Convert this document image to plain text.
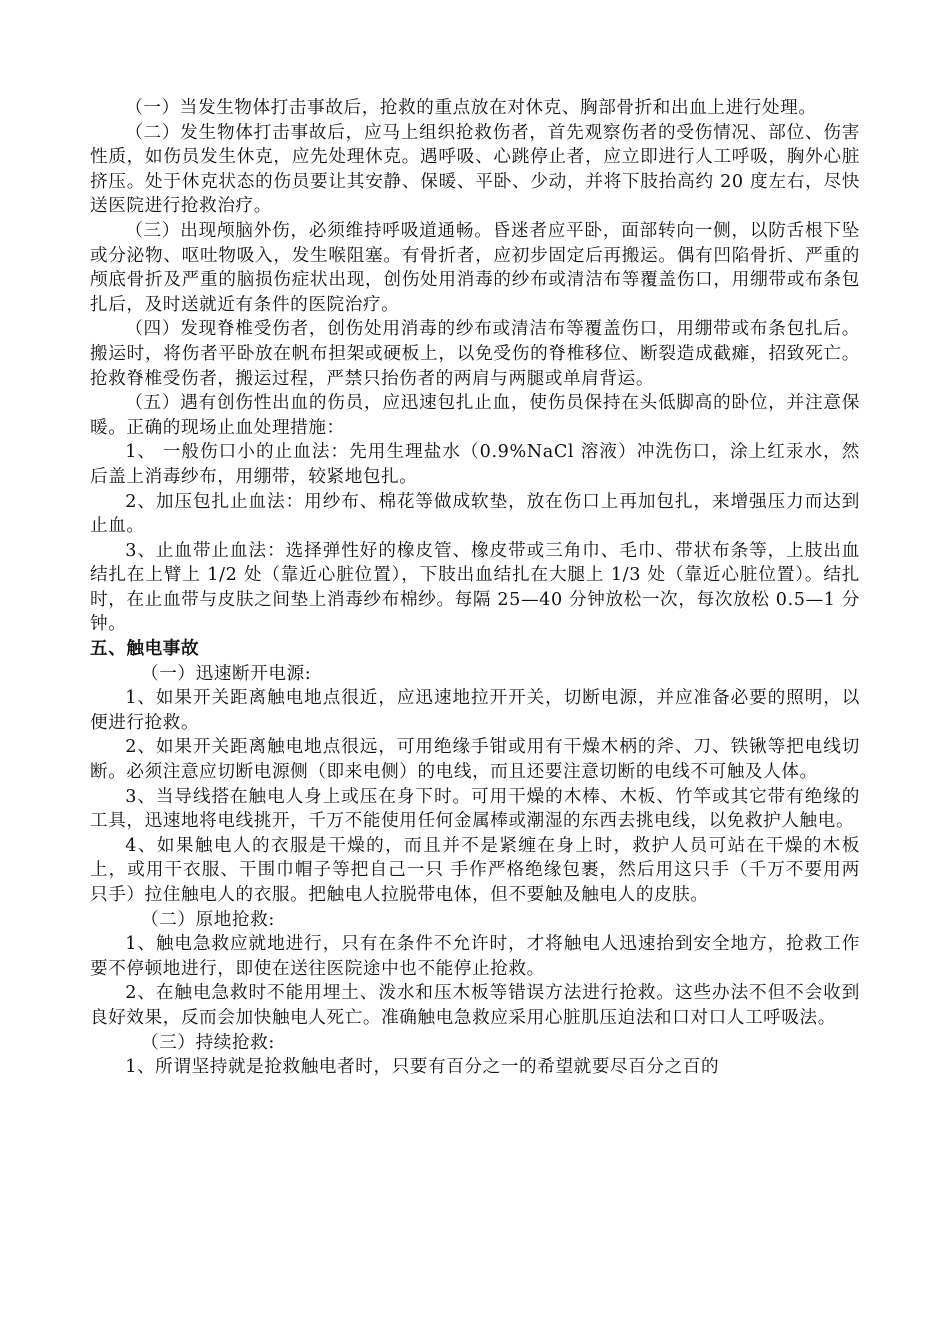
（一）当发生物体打击事故后，抢救的重点放在对休克、胸部骨折和出血上进行处理。

（二）发生物体打击事故后，应马上组织抢救伤者，首先观察伤者的受伤情况、部位、伤害性质，如伤员发生休克，应先处理休克。遇呼吸、心跳停止者，应立即进行人工呼吸，胸外心脏挤压。处于休克状态的伤员要让其安静、保暖、平卧、少动，并将下肢抬高约 20 度左右，尽快送医院进行抢救治疗。

（三）出现颅脑外伤，必须维持呼吸道通畅。昏迷者应平卧，面部转向一侧，以防舌根下坠或分泌物、呕吐物吸入，发生喉阻塞。有骨折者，应初步固定后再搬运。偶有凹陷骨折、严重的颅底骨折及严重的脑损伤症状出现，创伤处用消毒的纱布或清洁布等覆盖伤口，用绷带或布条包扎后，及时送就近有条件的医院治疗。

（四）发现脊椎受伤者，创伤处用消毒的纱布或清洁布等覆盖伤口，用绷带或布条包扎后。搬运时，将伤者平卧放在帆布担架或硬板上，以免受伤的脊椎移位、断裂造成截瘫，招致死亡。抢救脊椎受伤者，搬运过程，严禁只抬伤者的两肩与两腿或单肩背运。

（五）遇有创伤性出血的伤员，应迅速包扎止血，使伤员保持在头低脚高的卧位，并注意保暖。正确的现场止血处理措施：

1、 一般伤口小的止血法：先用生理盐水（0.9%NaCl 溶液）冲洗伤口，涂上红汞水，然后盖上消毒纱布，用绷带，较紧地包扎。

2、加压包扎止血法：用纱布、棉花等做成软垫，放在伤口上再加包扎，来增强压力而达到止血。

3、止血带止血法：选择弹性好的橡皮管、橡皮带或三角巾、毛巾、带状布条等，上肢出血结扎在上臂上 1/2 处（靠近心脏位置），下肢出血结扎在大腿上 1/3 处（靠近心脏位置）。结扎时，在止血带与皮肤之间垫上消毒纱布棉纱。每隔 25—40 分钟放松一次，每次放松 0.5—1 分钟。

五、触电事故

（一）迅速断开电源:

1、如果开关距离触电地点很近，应迅速地拉开开关，切断电源，并应准备必要的照明，以便进行抢救。

2、如果开关距离触电地点很远，可用绝缘手钳或用有干燥木柄的斧、刀、铁锹等把电线切断。必须注意应切断电源侧（即来电侧）的电线，而且还要注意切断的电线不可触及人体。

3、当导线搭在触电人身上或压在身下时。可用干燥的木棒、木板、竹竿或其它带有绝缘的工具，迅速地将电线挑开，千万不能使用任何金属棒或潮湿的东西去挑电线，以免救护人触电。

4、如果触电人的衣服是干燥的，而且并不是紧缠在身上时，救护人员可站在干燥的木板上，或用干衣服、干围巾帽子等把自己一只 手作严格绝缘包裹，然后用这只手（千万不要用两只手）拉住触电人的衣服。把触电人拉脱带电体，但不要触及触电人的皮肤。

（二）原地抢救:

1、触电急救应就地进行，只有在条件不允许时，才将触电人迅速抬到安全地方，抢救工作要不停顿地进行，即使在送往医院途中也不能停止抢救。

2、在触电急救时不能用埋土、泼水和压木板等错误方法进行抢救。这些办法不但不会收到良好效果，反而会加快触电人死亡。准确触电急救应采用心脏肌压迫法和口对口人工呼吸法。

（三）持续抢救:

1、所谓坚持就是抢救触电者时，只要有百分之一的希望就要尽百分之百的
